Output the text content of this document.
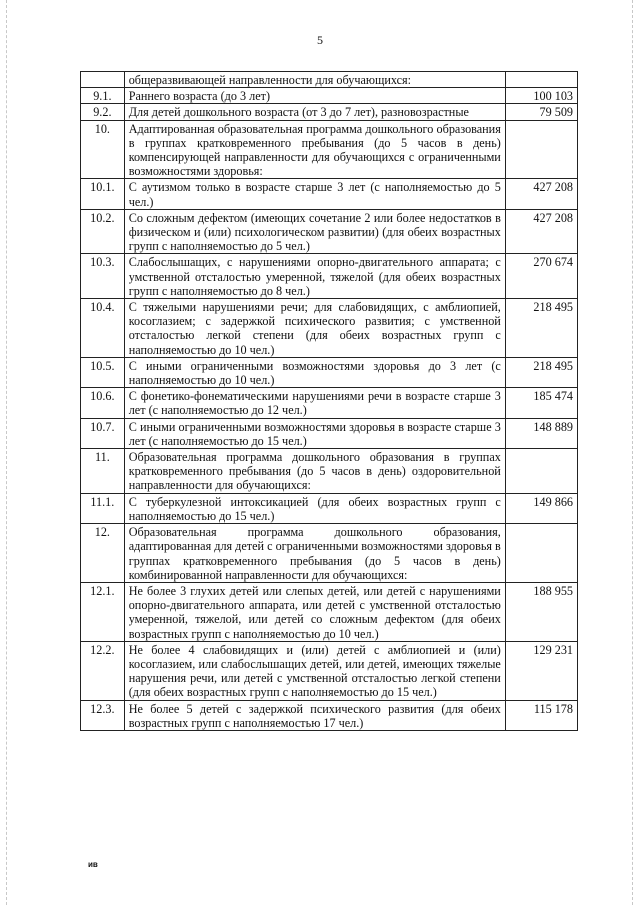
5
	общеразвивающей направленности для обучающихся:	
9.1.	Раннего возраста (до 3 лет)	100 103
9.2.	Для детей дошкольного возраста (от 3 до 7 лет), разновозрастные	79 509
10.	Адаптированная образовательная программа дошкольного образования в группах кратковременного пребывания (до 5 часов в день) компенсирующей направленности для обучающихся с ограниченными возможностями здоровья:	
10.1.	С аутизмом только в возрасте старше 3 лет (с наполняемостью до 5 чел.)	427 208
10.2.	Со сложным дефектом (имеющих сочетание 2 или более недостатков в физическом и (или) психологическом развитии) (для обеих возрастных групп с наполняемостью до 5 чел.)	427 208
10.3.	Слабослышащих, с нарушениями опорно-двигательного аппарата; с умственной отсталостью умеренной, тяжелой (для обеих возрастных групп с наполняемостью до 8 чел.)	270 674
10.4.	С тяжелыми нарушениями речи; для слабовидящих, с амблиопией, косоглазием; с задержкой психического развития; с умственной отсталостью легкой степени (для обеих возрастных групп с наполняемостью до 10 чел.)	218 495
10.5.	С иными ограниченными возможностями здоровья до 3 лет (с наполняемостью до 10 чел.)	218 495
10.6.	С фонетико-фонематическими нарушениями речи в возрасте старше 3 лет (с наполняемостью до 12 чел.)	185 474
10.7.	С иными ограниченными возможностями здоровья в возрасте старше 3 лет (с наполняемостью до 15 чел.)	148 889
11.	Образовательная программа дошкольного образования в группах кратковременного пребывания (до 5 часов в день) оздоровительной направленности для обучающихся:	
11.1.	С туберкулезной интоксикацией (для обеих возрастных групп с наполняемостью до 15 чел.)	149 866
12.	Образовательная программа дошкольного образования, адаптированная для детей с ограниченными возможностями здоровья в группах кратковременного пребывания (до 5 часов в день) комбинированной направленности для обучающихся:	
12.1.	Не более 3 глухих детей или слепых детей, или детей с нарушениями опорно-двигательного аппарата, или детей с умственной отсталостью умеренной, тяжелой, или детей со сложным дефектом (для обеих возрастных групп с наполняемостью до 10 чел.)	188 955
12.2.	Не более 4 слабовидящих и (или) детей с амблиопией и (или) косоглазием, или слабослышащих детей, или детей, имеющих тяжелые нарушения речи, или детей с умственной отсталостью легкой степени (для обеих возрастных групп с наполняемостью до 15 чел.)	129 231
12.3.	Не более 5 детей с задержкой психического развития (для обеих возрастных групп с наполняемостью 17 чел.)	115 178
ив
